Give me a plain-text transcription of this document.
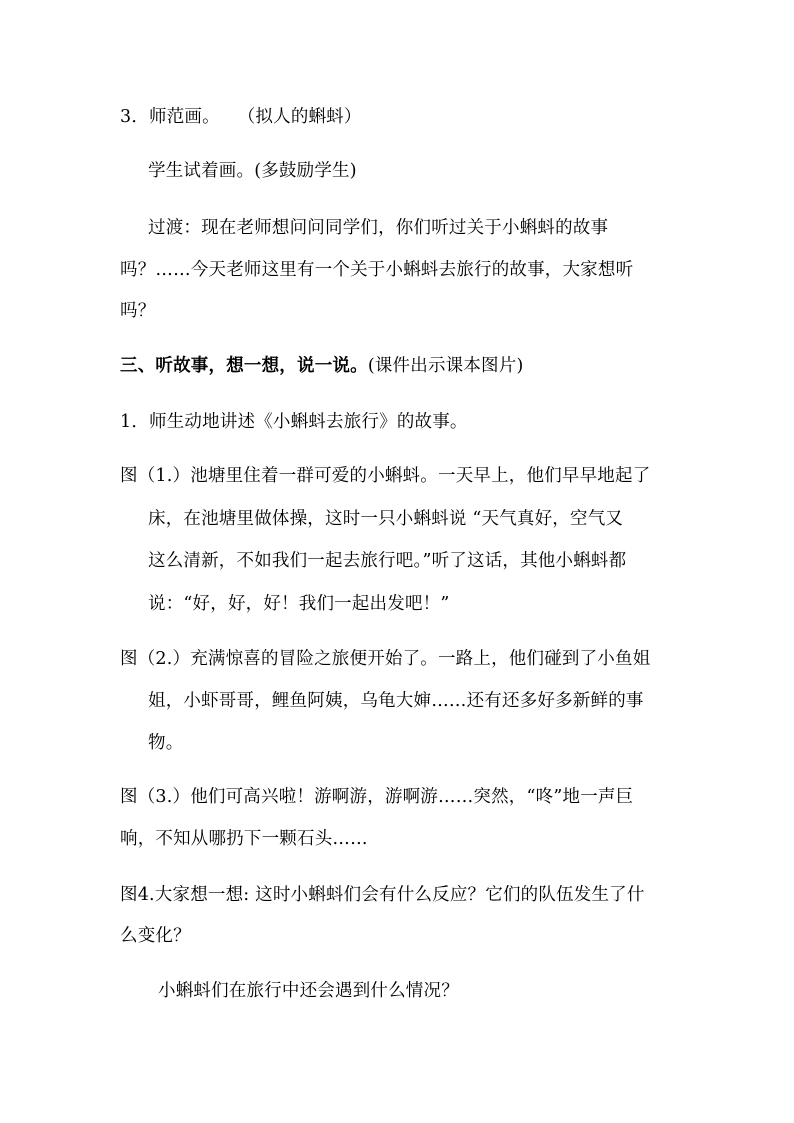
3．师范画。　　（拟人的蝌蚪）
学生试着画。(多鼓励学生)
过渡：现在老师想问问同学们，你们听过关于小蝌蚪的故事
吗？……今天老师这里有一个关于小蝌蚪去旅行的故事，大家想听
吗？
三、听故事，想一想，说一说。(课件出示课本图片)
1．师生动地讲述《小蝌蚪去旅行》的故事。
图（1.）池塘里住着一群可爱的小蝌蚪。一天早上，他们早早地起了
床，在池塘里做体操，这时一只小蝌蚪说 “天气真好，空气又
这么清新，不如我们一起去旅行吧。”听了这话，其他小蝌蚪都
说：“好，好，好！我们一起出发吧！”
图（2.）充满惊喜的冒险之旅便开始了。一路上，他们碰到了小鱼姐
姐，小虾哥哥，鲤鱼阿姨，乌龟大婶……还有还多好多新鲜的事
物。
图（3.）他们可高兴啦！游啊游，游啊游……突然，“咚”地一声巨
响，不知从哪扔下一颗石头……
图4.大家想一想: 这时小蝌蚪们会有什么反应？它们的队伍发生了什
么变化？
小蝌蚪们在旅行中还会遇到什么情况？
